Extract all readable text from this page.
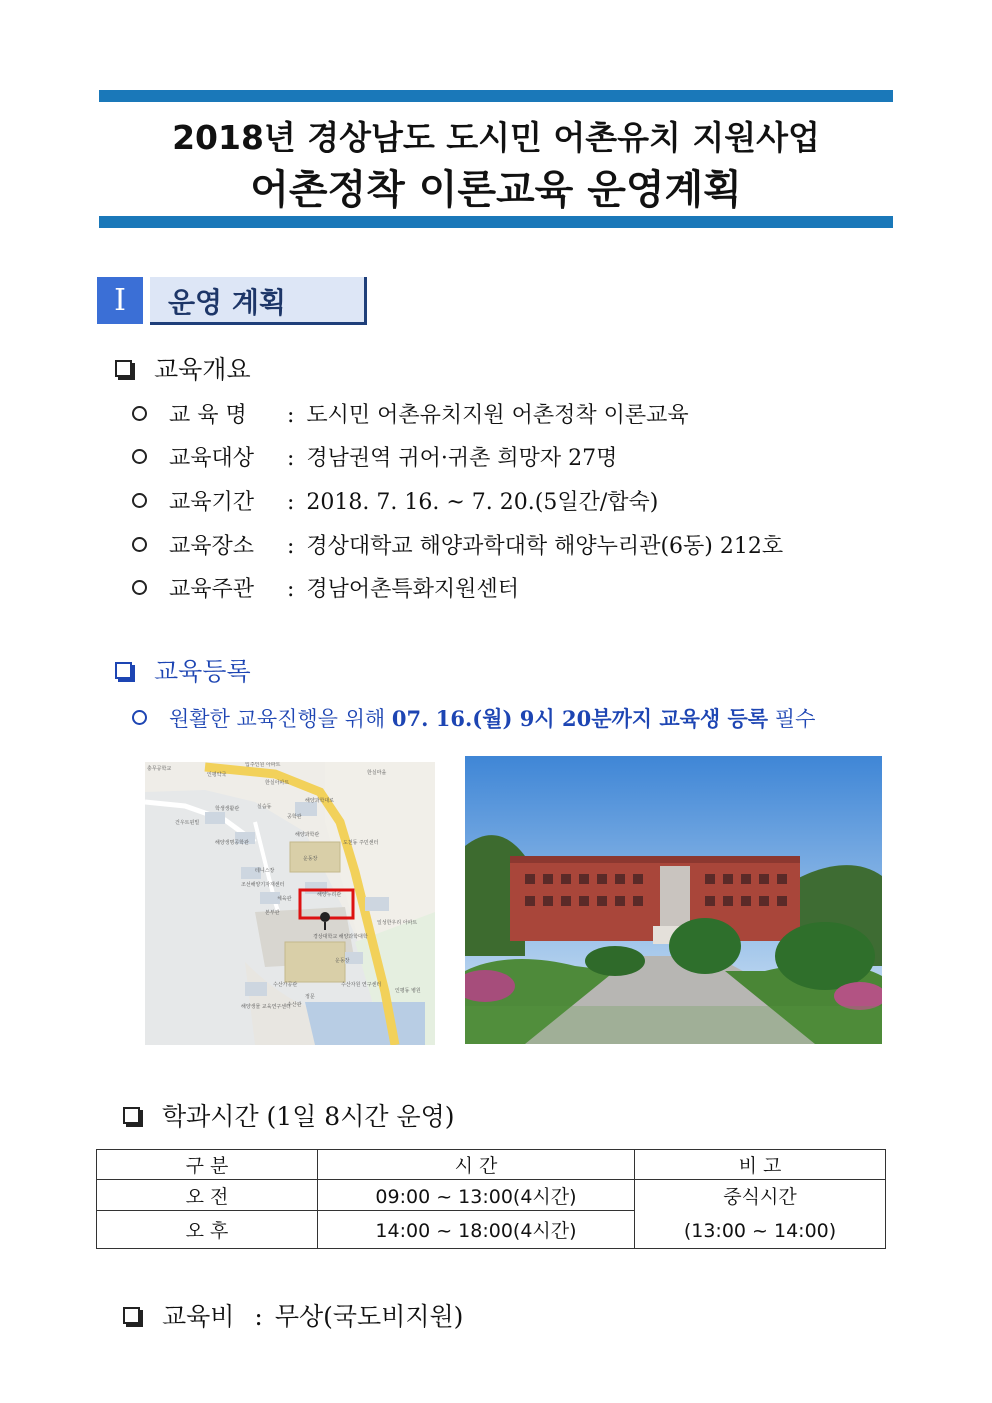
2018년 경상남도 도시민 어촌유치 지원사업
어촌정착 이론교육 운영계획
Ⅰ	운영 계획
교육개요
교 육 명 : 도시민 어촌유치지원 어촌정착 이론교육
교육대상 : 경남권역 귀어·귀촌 희망자 27명
교육기간 : 2018. 7. 16. ~ 7. 20.(5일간/합숙)
교육장소 : 경상대학교 해양과학대학 해양누리관(6동) 212호
교육주관 : 경남어촌특화지원센터
교육등록
원활한 교육진행을 위해 07. 16.(월) 9시 20분까지 교육생 등록 필수
충무공학교
인평약국
입주인원 아파트
한실아파트
한실마을
해양과학대로
학생생활관
건우트윈빌
실습동
공학관
해양과학관
해양생명공학관	도천동 주민센터
운동장
테니스장
조선해양기자재센터
체육관
해양누리관
본부관
경상대학교 해양과학대학
일성한우리 아파트
운동장
수산가공관	수산자원 연구센터
인평동 병원
해양생물 교육연구센터
수산관
정문
학과시간 (1일 8시간 운영)
구 분	시 간	비 고
오 전	09:00 ~ 13:00(4시간)	중식시간
(13:00 ~ 14:00)

오 후	14:00 ~ 18:00(4시간)	
교육비 : 무상(국도비지원)
